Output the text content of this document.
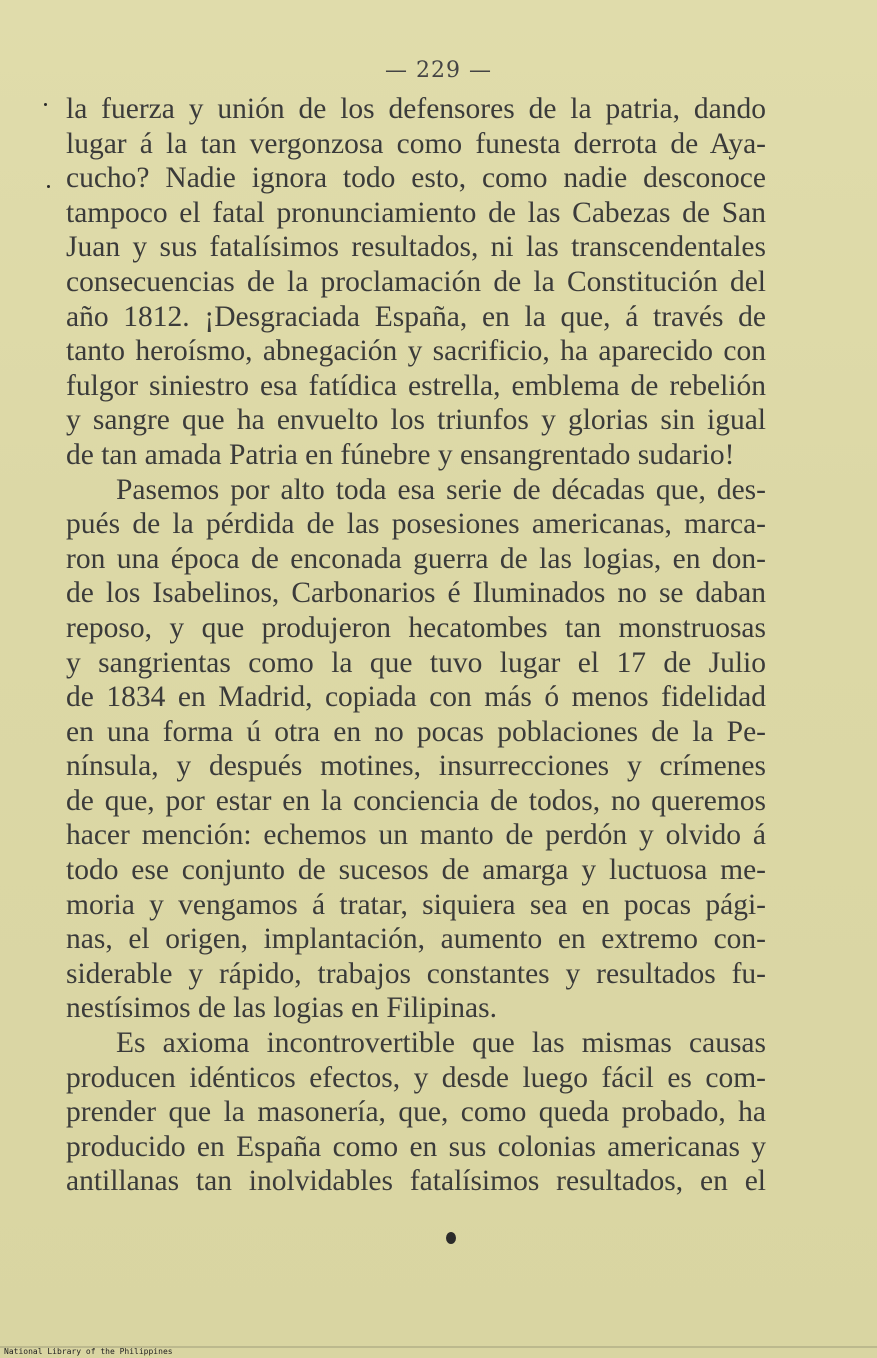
— 229 —
la fuerza y unión de los defensores de la patria, dando
lugar á la tan vergonzosa como funesta derrota de Aya-
cucho? Nadie ignora todo esto, como nadie desconoce
tampoco el fatal pronunciamiento de las Cabezas de San
Juan y sus fatalísimos resultados, ni las transcendentales
consecuencias de la proclamación de la Constitución del
año 1812. ¡Desgraciada España, en la que, á través de
tanto heroísmo, abnegación y sacrificio, ha aparecido con
fulgor siniestro esa fatídica estrella, emblema de rebelión
y sangre que ha envuelto los triunfos y glorias sin igual
de tan amada Patria en fúnebre y ensangrentado sudario!
Pasemos por alto toda esa serie de décadas que, des-
pués de la pérdida de las posesiones americanas, marca-
ron una época de enconada guerra de las logias, en don-
de los Isabelinos, Carbonarios é Iluminados no se daban
reposo, y que produjeron hecatombes tan monstruosas
y sangrientas como la que tuvo lugar el 17 de Julio
de 1834 en Madrid, copiada con más ó menos fidelidad
en una forma ú otra en no pocas poblaciones de la Pe-
nínsula, y después motines, insurrecciones y crímenes
de que, por estar en la conciencia de todos, no queremos
hacer mención: echemos un manto de perdón y olvido á
todo ese conjunto de sucesos de amarga y luctuosa me-
moria y vengamos á tratar, siquiera sea en pocas pági-
nas, el origen, implantación, aumento en extremo con-
siderable y rápido, trabajos constantes y resultados fu-
nestísimos de las logias en Filipinas.
Es axioma incontrovertible que las mismas causas
producen idénticos efectos, y desde luego fácil es com-
prender que la masonería, que, como queda probado, ha
producido en España como en sus colonias americanas y
antillanas tan inolvidables fatalísimos resultados, en el
National Library of the Philippines
